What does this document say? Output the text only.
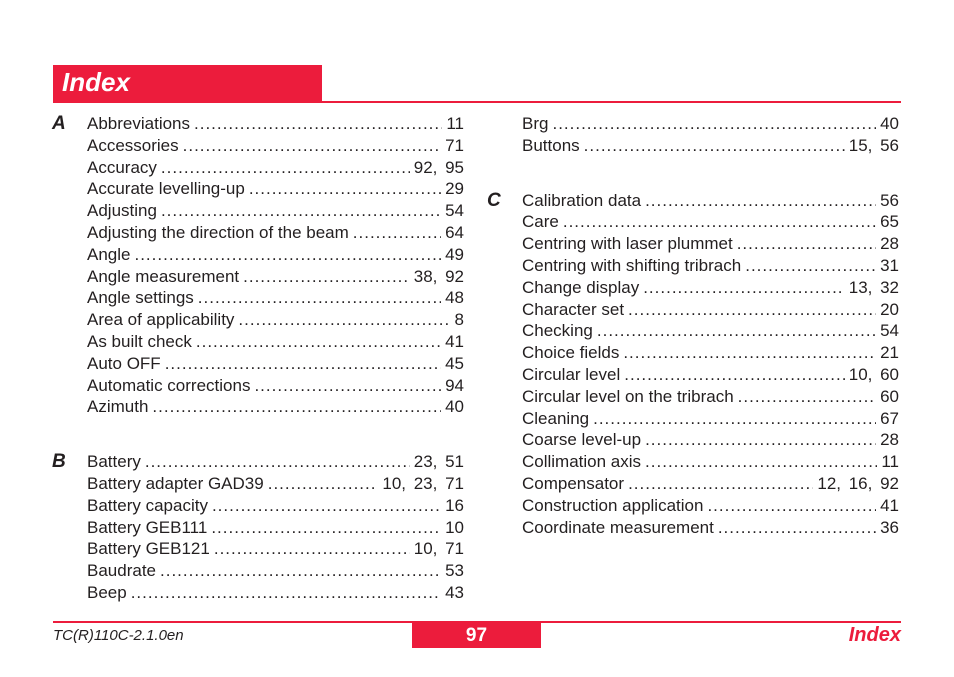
Index
A Abbreviations .....	11
Accessories .....	71
Accuracy .....	92, 95
Accurate levelling-up .....	29
Adjusting .....	54
Adjusting the direction of the beam .....	64
Angle .....	49
Angle measurement .....	38, 92
Angle settings .....	48
Area of applicability .....	8
As built check .....	41
Auto OFF .....	45
Automatic corrections .....	94
Azimuth .....	40
B Battery .....	23, 51
Battery adapter GAD39 .....	10, 23, 71
Battery capacity .....	16
Battery GEB111 .....	10
Battery GEB121 .....	10, 71
Baudrate .....	53
Beep .....	43
Brg .....	40
Buttons .....	15, 56
C Calibration data .....	56
Care .....	65
Centring with laser plummet .....	28
Centring with shifting tribrach .....	31
Change display .....	13, 32
Character set .....	20
Checking .....	54
Choice fields .....	21
Circular level .....	10, 60
Circular level on the tribrach .....	60
Cleaning .....	67
Coarse level-up .....	28
Collimation axis .....	11
Compensator .....	12, 16, 92
Construction application .....	41
Coordinate measurement .....	36
TC(R)110C-2.1.0en	97	Index
